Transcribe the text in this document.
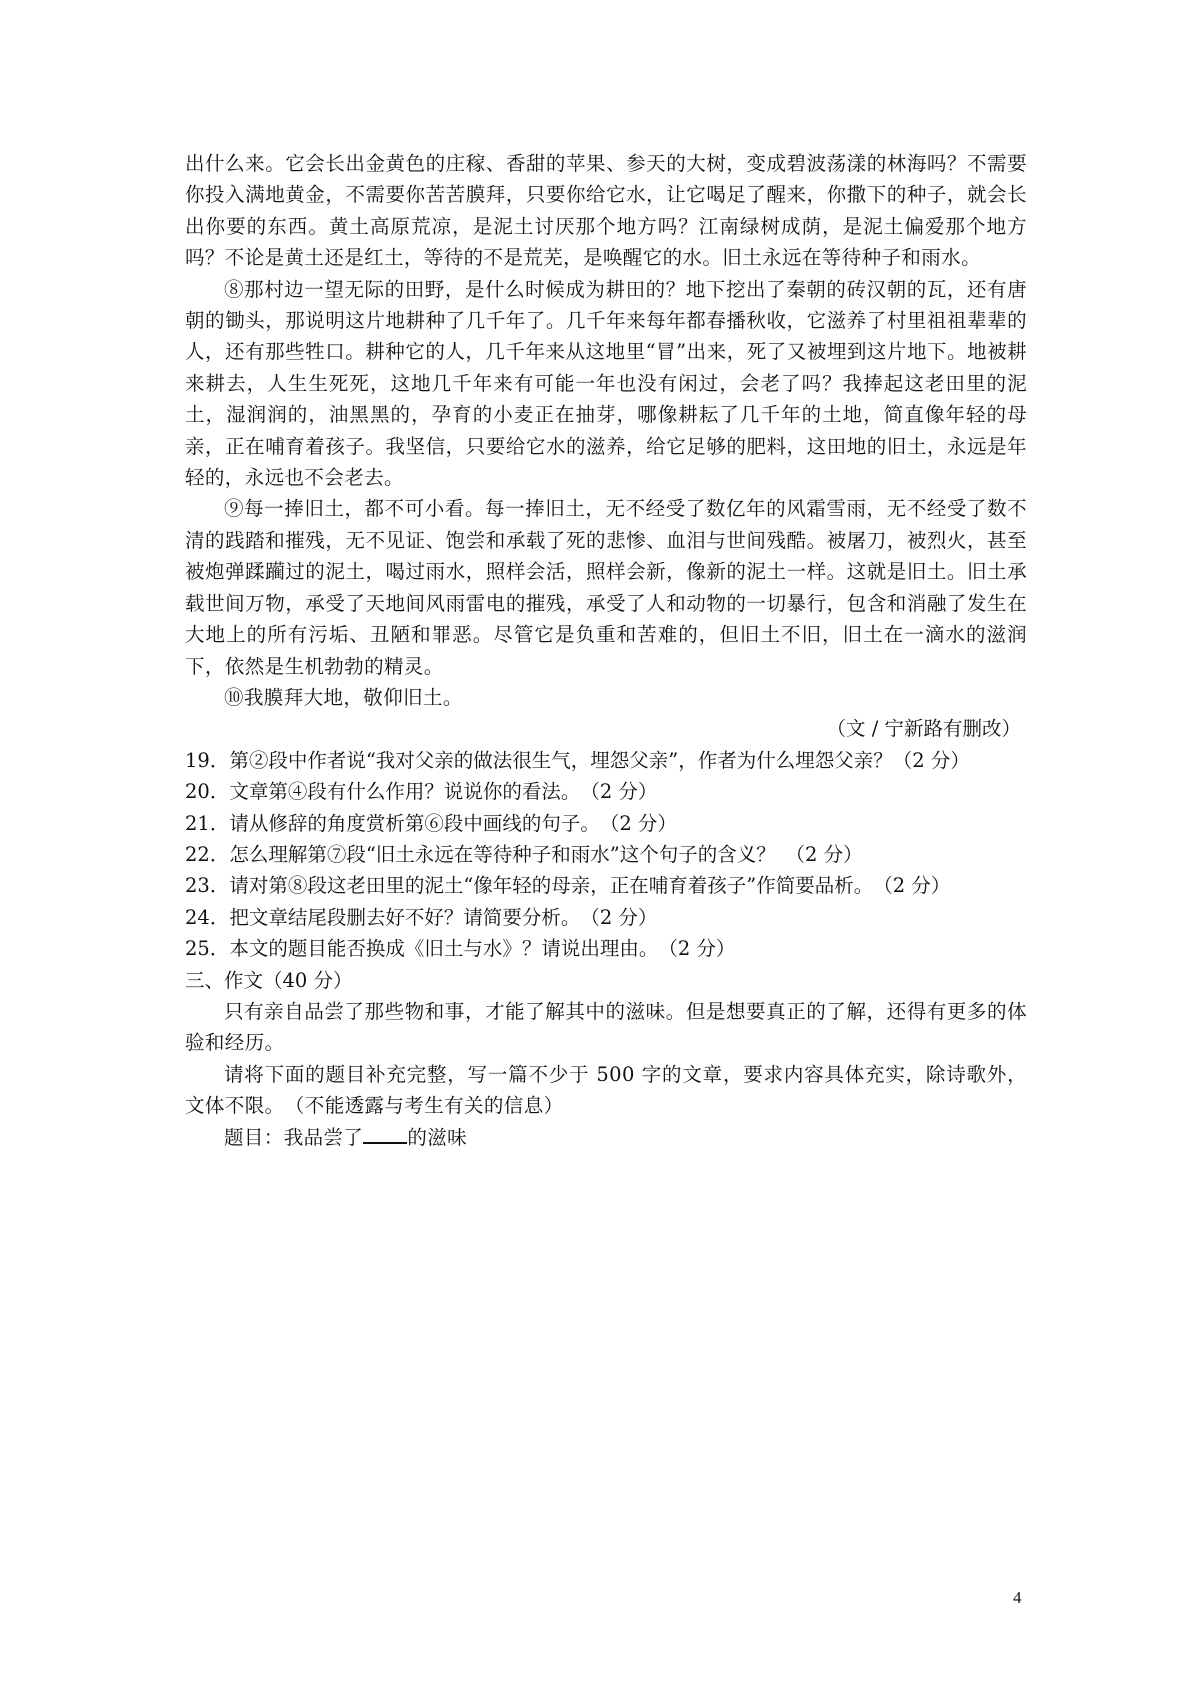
出什么来。它会长出金黄色的庄稼、香甜的苹果、参天的大树，变成碧波荡漾的林海吗？不需要你投入满地黄金，不需要你苦苦膜拜，只要你给它水，让它喝足了醒来，你撒下的种子，就会长出你要的东西。黄土高原荒凉，是泥土讨厌那个地方吗？江南绿树成荫，是泥土偏爱那个地方吗？不论是黄土还是红土，等待的不是荒芜，是唤醒它的水。旧土永远在等待种子和雨水。

⑧那村边一望无际的田野，是什么时候成为耕田的？地下挖出了秦朝的砖汉朝的瓦，还有唐朝的锄头，那说明这片地耕种了几千年了。几千年来每年都春播秋收，它滋养了村里祖祖辈辈的人，还有那些牲口。耕种它的人，几千年来从这地里“冒”出来，死了又被埋到这片地下。地被耕来耕去，人生生死死，这地几千年来有可能一年也没有闲过，会老了吗？我捧起这老田里的泥土，湿润润的，油黑黑的，孕育的小麦正在抽芽，哪像耕耘了几千年的土地，简直像年轻的母亲，正在哺育着孩子。我坚信，只要给它水的滋养，给它足够的肥料，这田地的旧土，永远是年轻的，永远也不会老去。

⑨每一捧旧土，都不可小看。每一捧旧土，无不经受了数亿年的风霜雪雨，无不经受了数不清的践踏和摧残，无不见证、饱尝和承载了死的悲惨、血泪与世间残酷。被屠刀，被烈火，甚至被炮弹蹂躏过的泥土，喝过雨水，照样会活，照样会新，像新的泥土一样。这就是旧土。旧土承载世间万物，承受了天地间风雨雷电的摧残，承受了人和动物的一切暴行，包含和消融了发生在大地上的所有污垢、丑陋和罪恶。尽管它是负重和苦难的，但旧土不旧，旧土在一滴水的滋润下，依然是生机勃勃的精灵。

⑩我膜拜大地，敬仰旧土。

（文 / 宁新路有删改）

19．第②段中作者说“我对父亲的做法很生气，埋怨父亲”，作者为什么埋怨父亲？（2 分）

20．文章第④段有什么作用？说说你的看法。　（2 分）

21．请从修辞的角度赏析第⑥段中画线的句子。　（2 分）

22．怎么理解第⑦段“旧土永远在等待种子和雨水”这个句子的含义？　（2 分）

23．请对第⑧段这老田里的泥土“像年轻的母亲，正在哺育着孩子”作简要品析。　（2 分）

24．把文章结尾段删去好不好？请简要分析。　（2 分）

25．本文的题目能否换成《旧土与水》？请说出理由。　（2 分）

三、作文（40 分）

只有亲自品尝了那些物和事，才能了解其中的滋味。但是想要真正的了解，还得有更多的体验和经历。

请将下面的题目补充完整，写一篇不少于 500 字的文章，要求内容具体充实，除诗歌外，文体不限。　（不能透露与考生有关的信息）

题目：我品尝了 的滋味

4
